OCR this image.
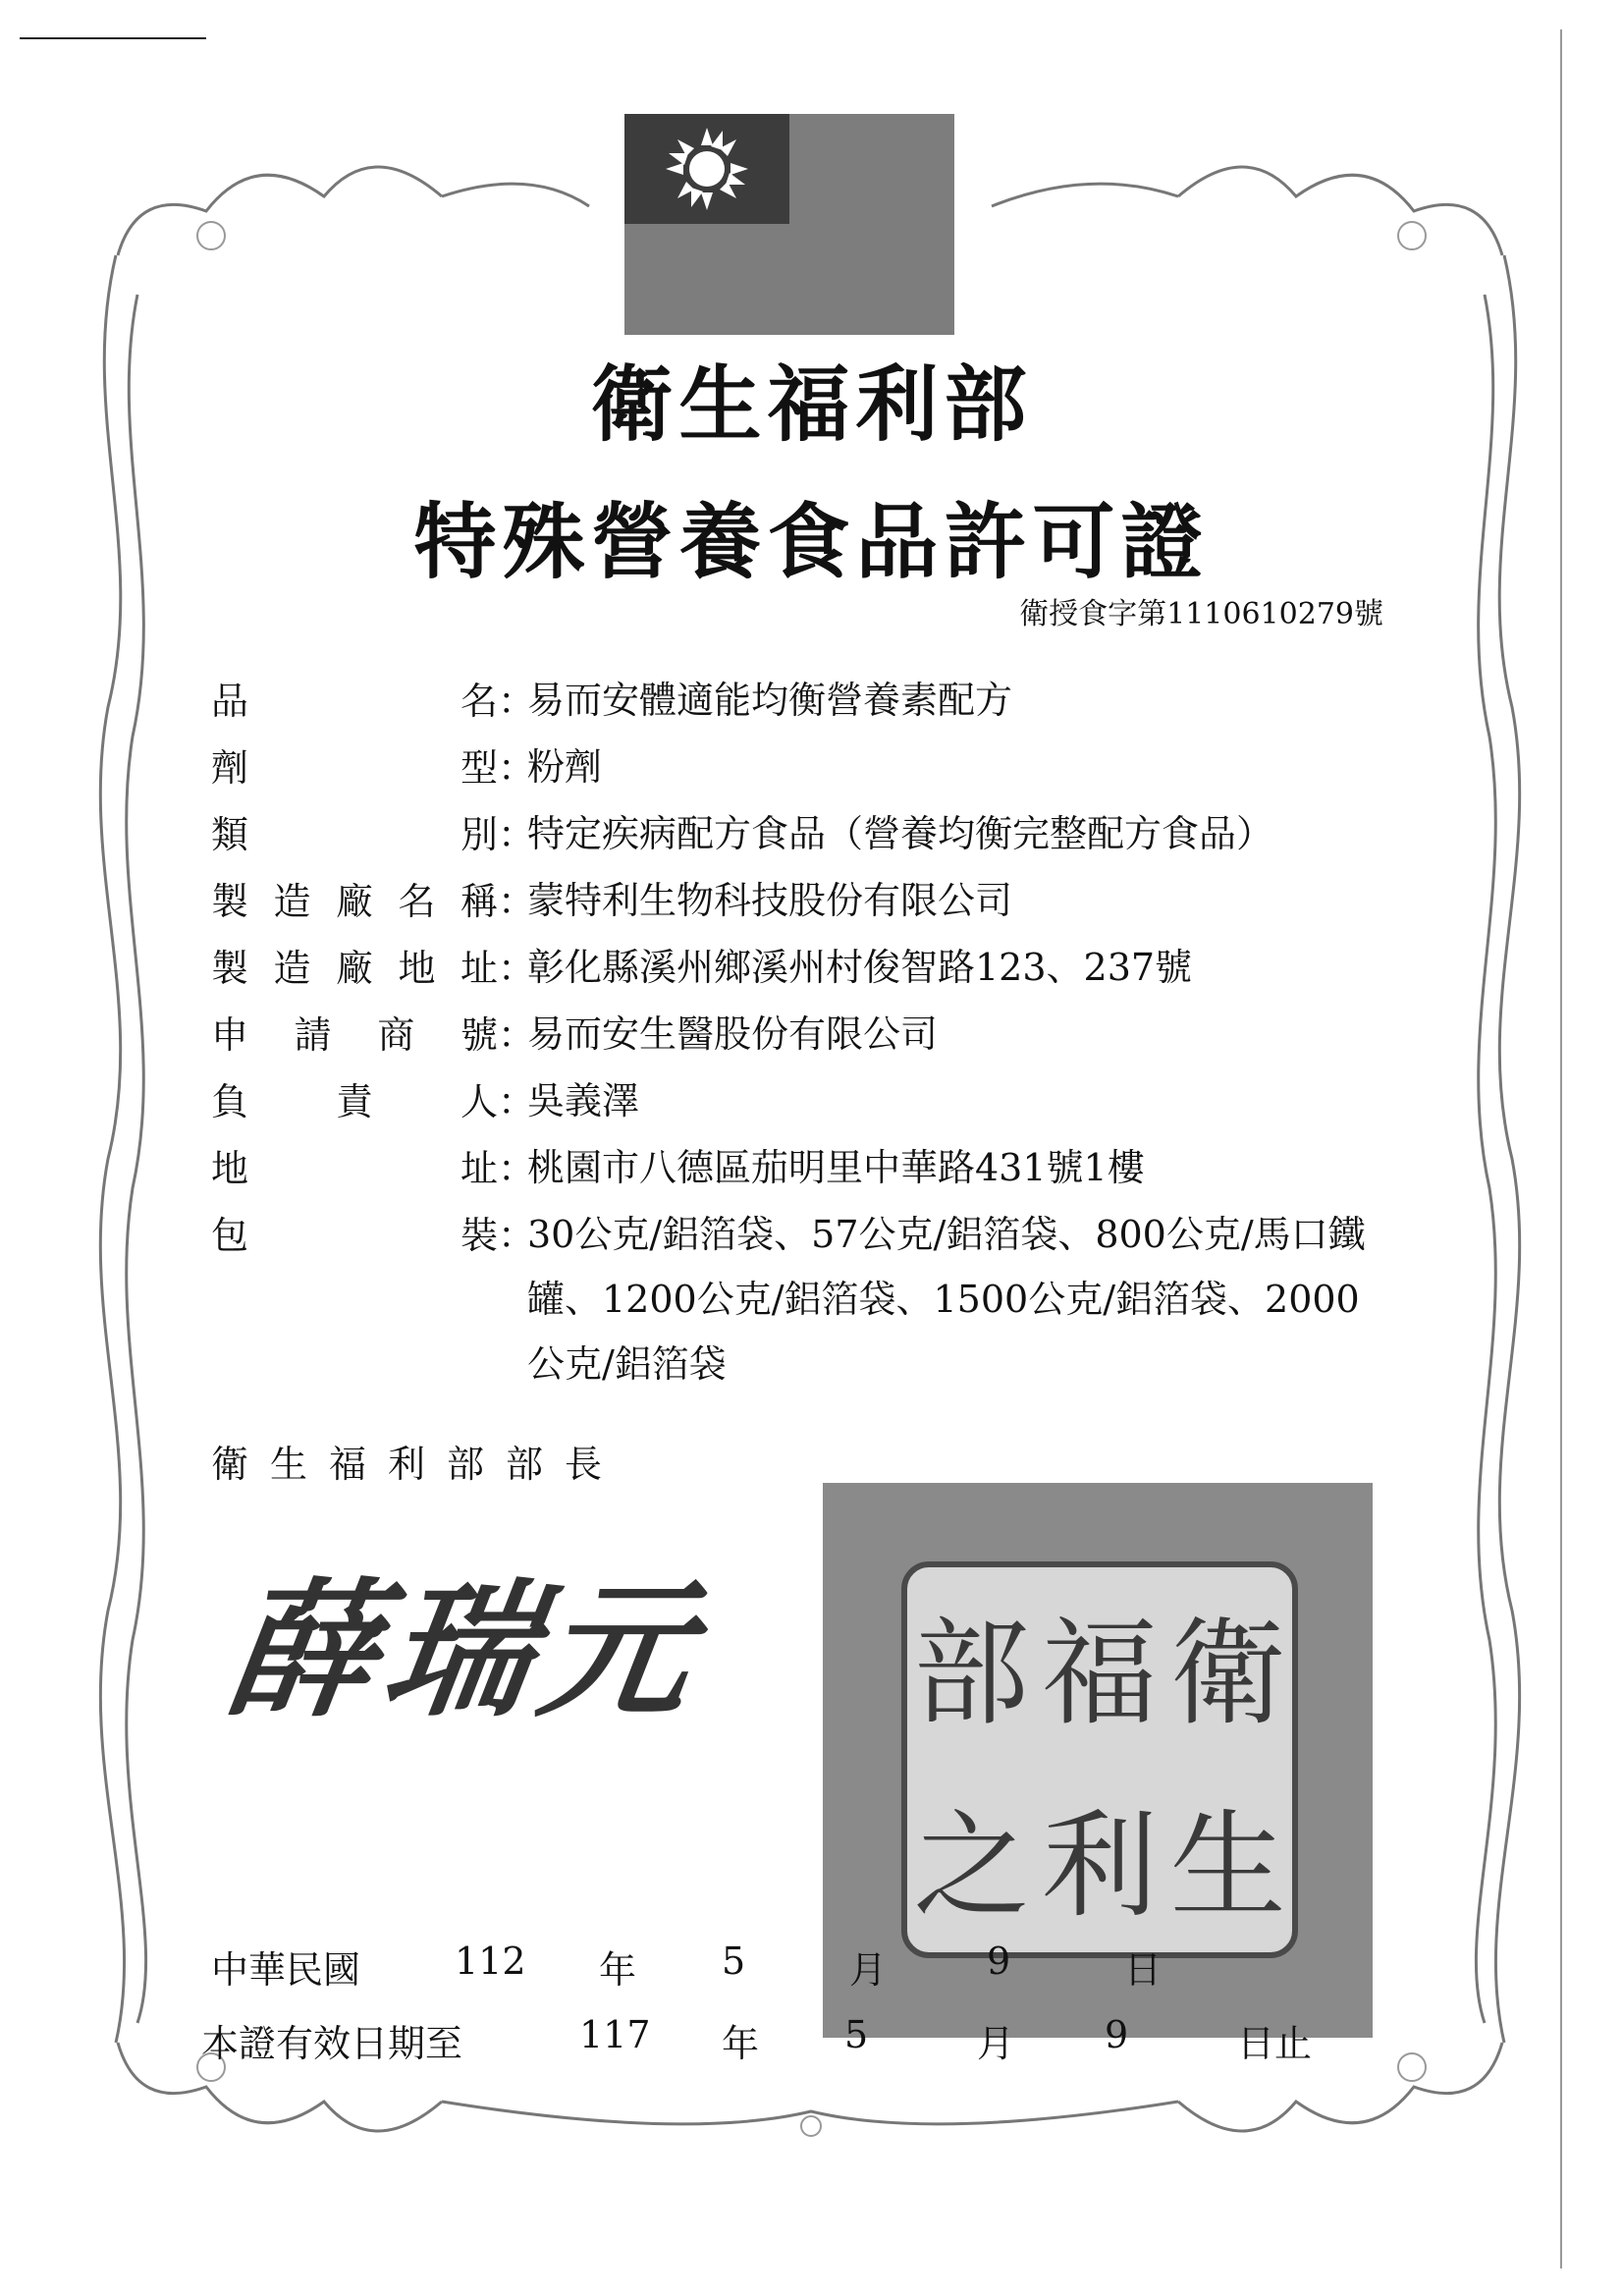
衛生福利部
特殊營養食品許可證
衛授食字第1110610279號
品	名 ：
易而安體適能均衡營養素配方
劑	型 ：
粉劑
類	別 ：
特定疾病配方食品（營養均衡完整配方食品）
製 造 廠 名 稱 ：
蒙特利生物科技股份有限公司
製 造 廠 地 址 ：
彰化縣溪州鄉溪州村俊智路123、237號
申 請 商 號 ：
易而安生醫股份有限公司
負 責 人 ：
吳義澤
地	址 ：
桃園市八德區茄明里中華路431號1樓
包	裝 ：
30公克/鋁箔袋、57公克/鋁箔袋、800公克/馬口鐵罐、1200公克/鋁箔袋、1500公克/鋁箔袋、2000公克/鋁箔袋
衛生福利部部長
薛瑞元	衛
生
福
利
部
之
中華民國	112 年 5	月	9	日
本證有效日期至	117 年 5	月 9	日止
